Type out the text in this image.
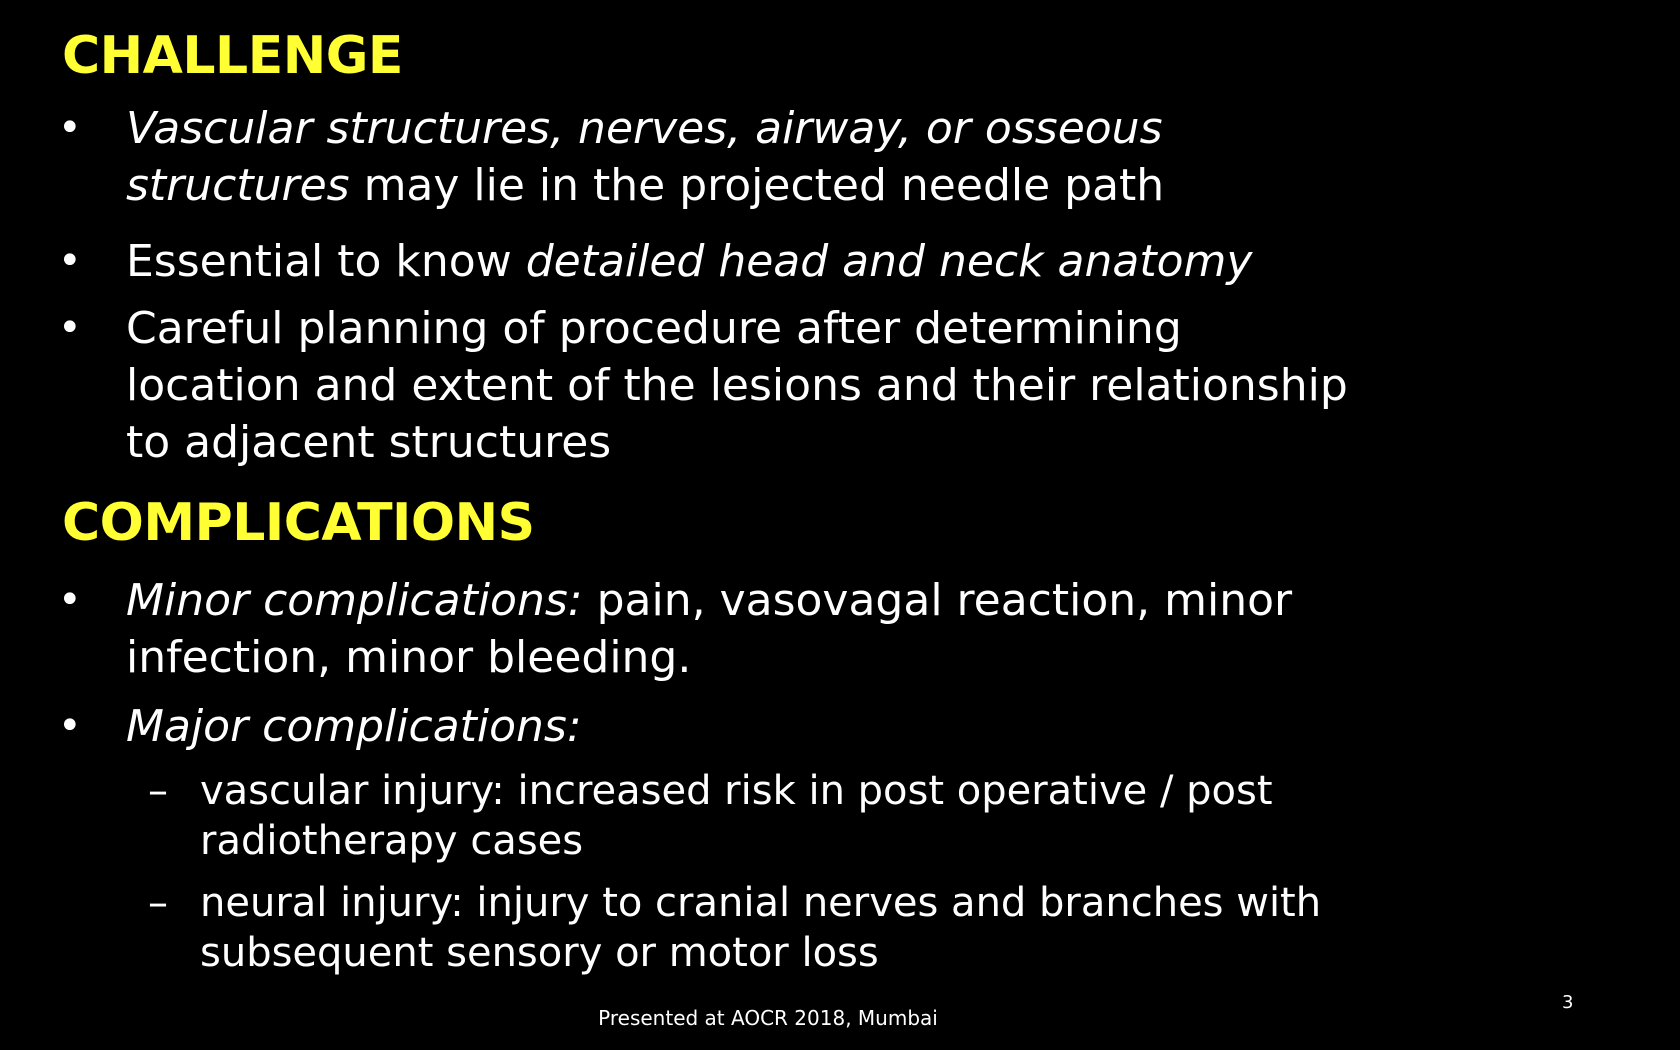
CHALLENGE
•	Vascular structures, nerves, airway, or osseous
structures may lie in the projected needle path
•	Essential to know detailed head and neck anatomy
•	Careful planning of procedure after determining
location and extent of the lesions and their relationship
to adjacent structures
COMPLICATIONS
•	Minor complications: pain, vasovagal reaction, minor
infection, minor bleeding.
•	Major complications:
– vascular injury: increased risk in post operative / post
radiotherapy cases
– neural injury: injury to cranial nerves and branches with
subsequent sensory or motor loss
Presented at AOCR 2018, Mumbai
3
